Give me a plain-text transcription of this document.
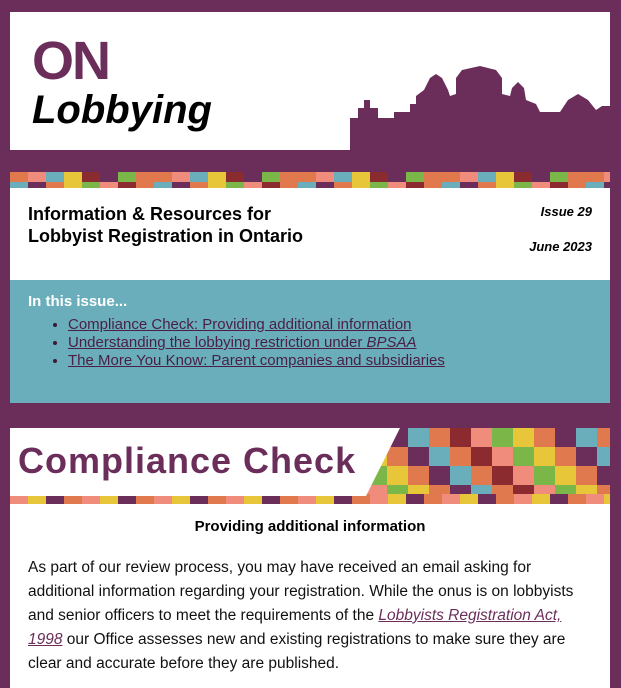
ON
Lobbying
Information & Resources for Lobbyist Registration in Ontario
Issue 29
June 2023
In this issue...
• Compliance Check: Providing additional information
• Understanding the lobbying restriction under BPSAA
• The More You Know: Parent companies and subsidiaries
Compliance Check
Providing additional information
As part of our review process, you may have received an email asking for additional information regarding your registration. While the onus is on lobbyists and senior officers to meet the requirements of the Lobbyists Registration Act, 1998 our Office assesses new and existing registrations to make sure they are clear and accurate before they are published.
